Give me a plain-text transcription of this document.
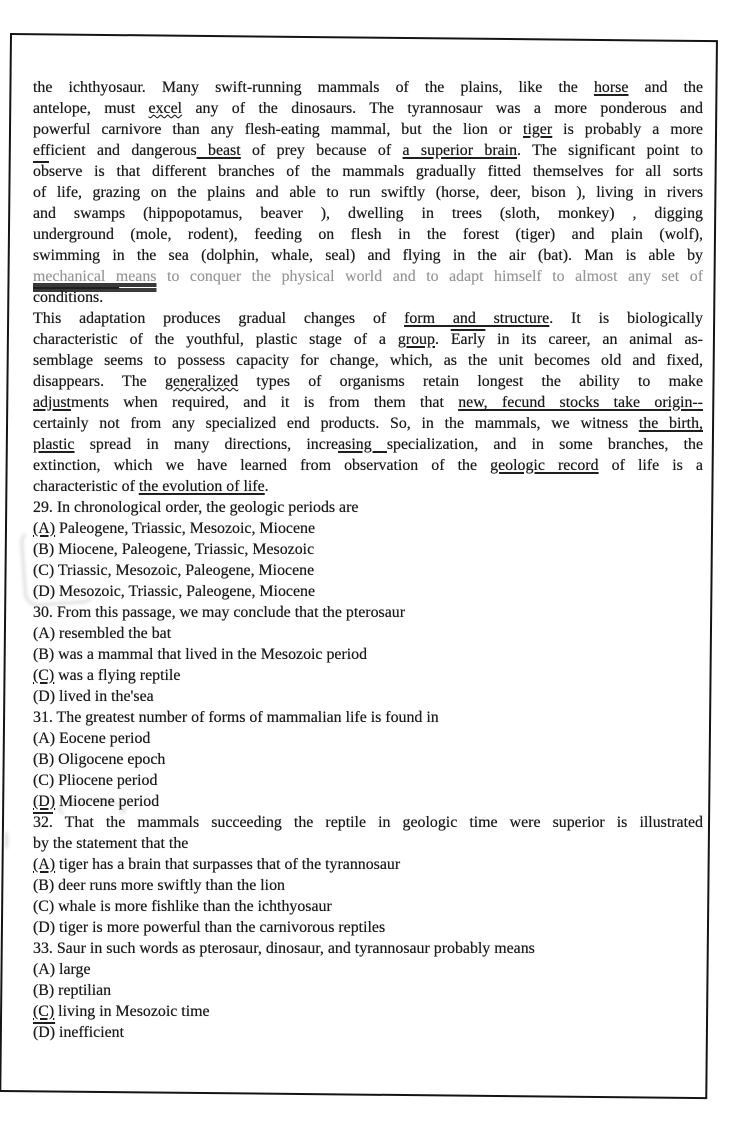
the ichthyosaur. Many swift-running mammals of the plains, like the horse and the
antelope, must excel any of the dinosaurs. The tyrannosaur was a more ponderous and
powerful carnivore than any flesh-eating mammal, but the lion or tiger is probably a more
efficient and dangerous beast of prey because of a superior brain. The significant point to
$\overline{ob}serve$ is that different branches of the mammals gradually fitted themselves for all sorts
of life, grazing on the plains and able to run swiftly (horse, deer, bison ), living in rivers
and swamps (hippopotamus, beaver ), dwelling in trees (sloth, monkey) , digging
underground (mole, rodent), feeding on flesh in the forest (tiger) and plain (wolf),
swimming in the sea (dolphin, whale, seal) and flying in the air (bat). Man is able by
mechanical means to conquer the physical world and to adapt himself to almost any set of
conditions.
This adaptation produces gradual changes of form and structure. It is biologically
characteristic of the youthful, plastic stage of a group. Early in its career, an animal as-
semblage seems to possess capacity for change, which, as the unit becomes old and fixed,
disappears. The generalized types of organisms retain longest the ability to make
adjustments when required, and it is from them that new, fecund stocks take origin--
certainly not from any specialized end products. So, in the mammals, we witness the birth,
plastic spread in many directions, increasing specialization, and in some branches, the
extinction, which we have learned from observation of the geologic record of life is a
characteristic of the evolution of life.
29. In chronological order, the geologic periods are
(A) Paleogene, Triassic, Mesozoic, Miocene
(B) Miocene, Paleogene, Triassic, Mesozoic
(C) Triassic, Mesozoic, Paleogene, Miocene
(D) Mesozoic, Triassic, Paleogene, Miocene
30. From this passage, we may conclude that the pterosaur
(A) resembled the bat
(B) was a mammal that lived in the Mesozoic period
(C) was a flying reptile
(D) lived in the'sea
31. The greatest number of forms of mammalian life is found in
(A) Eocene period
(B) Oligocene epoch
(C) Pliocene period
(D) Miocene period
32. That the mammals succeeding the reptile in geologic time were superior is illustrated
by the statement that the
(A) tiger has a brain that surpasses that of the tyrannosaur
(B) deer runs more swiftly than the lion
(C) whale is more fishlike than the ichthyosaur
(D) tiger is more powerful than the carnivorous reptiles
33. Saur in such words as pterosaur, dinosaur, and tyrannosaur probably means
(A) large
(B) reptilian
(C) living in Mesozoic time
(D) inefficient
